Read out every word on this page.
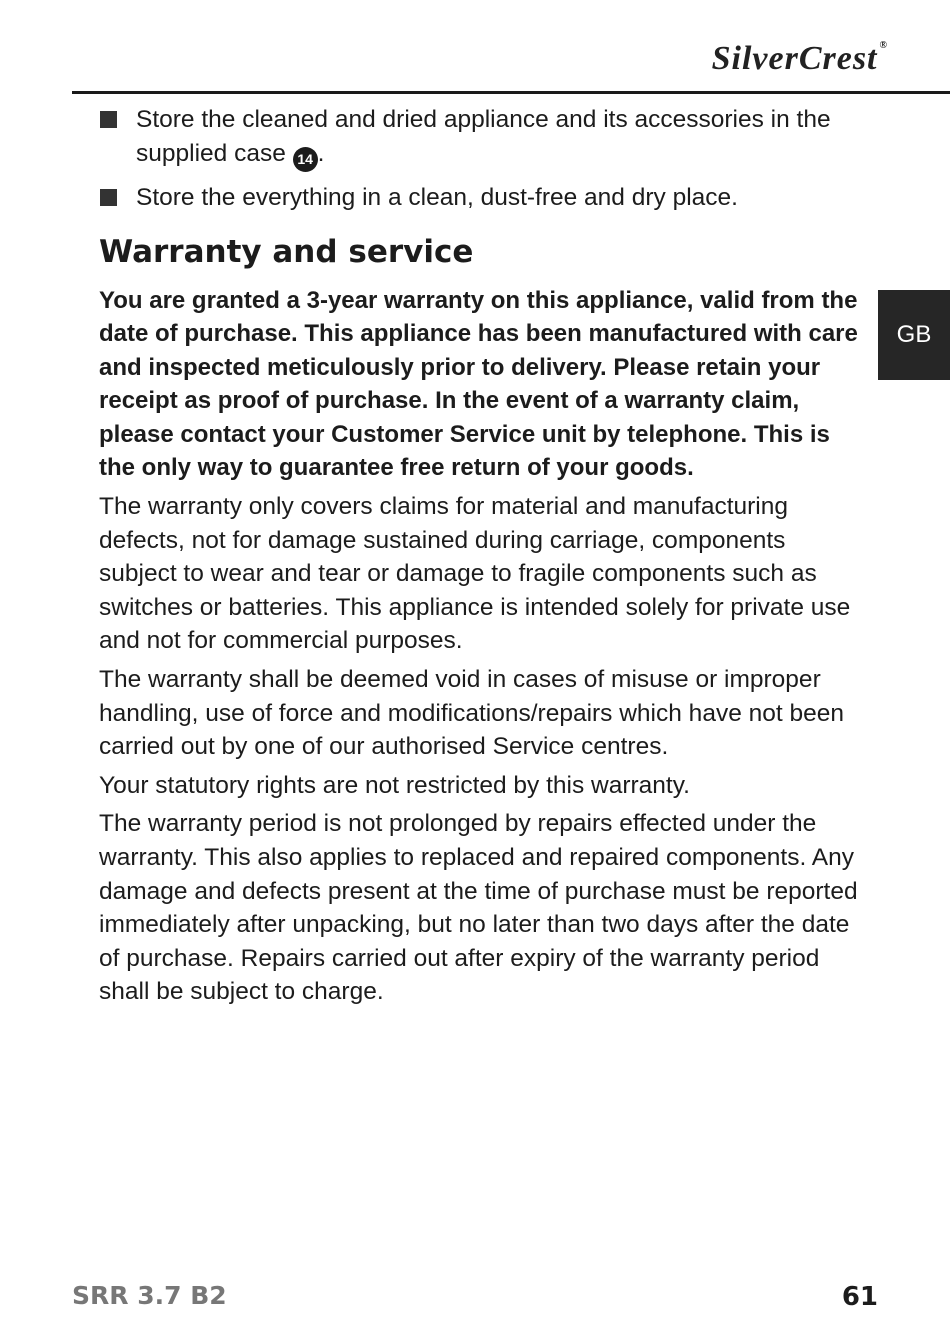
SilverCrest ®
GB
Store the cleaned and dried appliance and its accessories in the supplied case 14 .
Store the everything in a clean, dust-free and dry place.
Warranty and service

You are granted a 3-year warranty on this appliance, valid from the date of purchase. This appliance has been manufactured with care and inspected meticulously prior to delivery. Please retain your receipt as proof of purchase. In the event of a warranty claim, please contact your Customer Service unit by telephone. This is the only way to guarantee free return of your goods.

The warranty only covers claims for material and manufacturing defects, not for damage sustained during carriage, components subject to wear and tear or damage to fragile components such as switches or batteries. This appliance is intended solely for private use and not for commercial purposes.

The warranty shall be deemed void in cases of misuse or improper handling, use of force and modifications/repairs which have not been carried out by one of our authorised Service centres.

Your statutory rights are not restricted by this warranty.

The warranty period is not prolonged by repairs effected under the warranty. This also applies to replaced and repaired components. Any damage and defects present at the time of purchase must be reported immediately after unpacking, but no later than two days after the date of purchase. Repairs carried out after expiry of the warranty period shall be subject to charge.

SRR 3.7 B2	61
